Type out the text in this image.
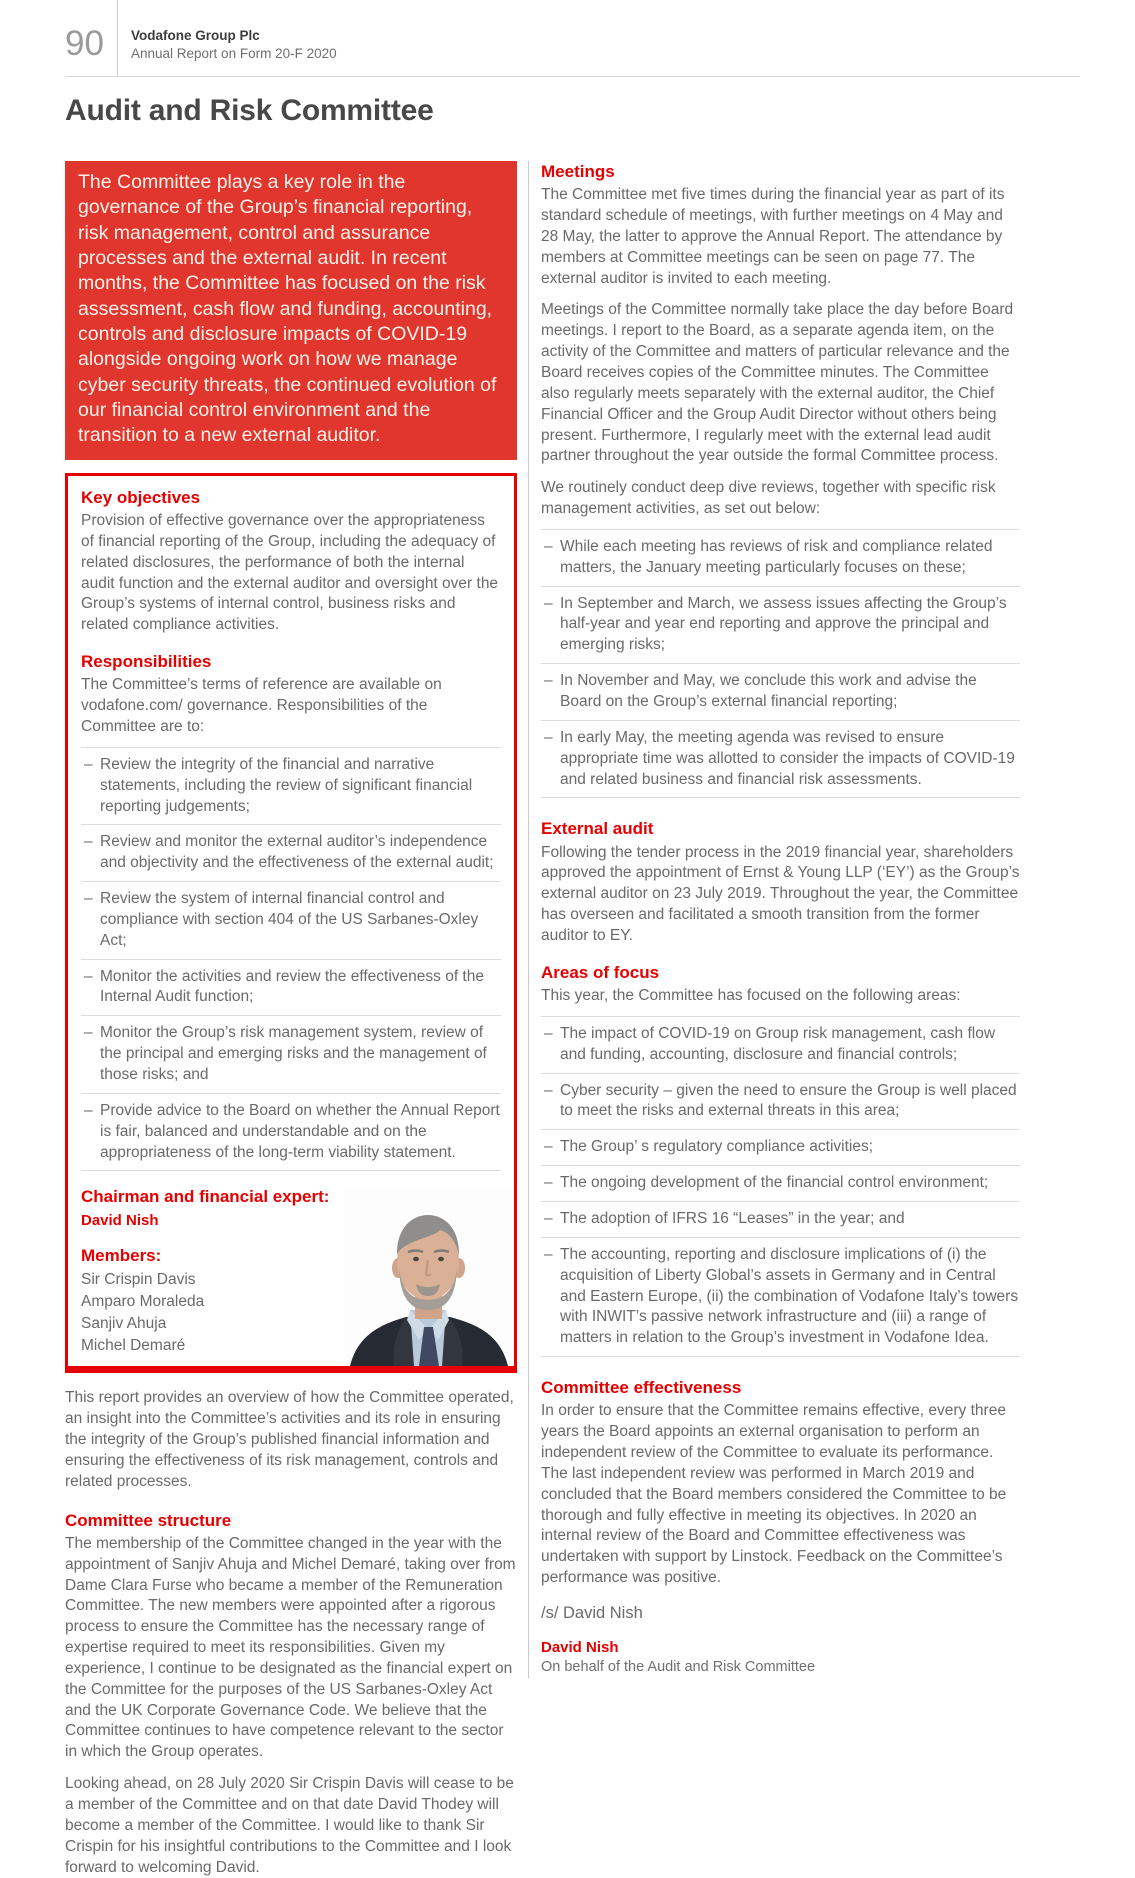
90	Vodafone Group Plc
Annual Report on Form 20-F 2020
Audit and Risk Committee

The Committee plays a key role in the governance of the Group’s financial reporting, risk management, control and assurance processes and the external audit. In recent months, the Committee has focused on the risk assessment, cash flow and funding, accounting, controls and disclosure impacts of COVID-19 alongside ongoing work on how we manage cyber security threats, the continued evolution of our financial control environment and the transition to a new external auditor.

Key objectives

Provision of effective governance over the appropriateness of financial reporting of the Group, including the adequacy of related disclosures, the performance of both the internal audit function and the external auditor and oversight over the Group’s systems of internal control, business risks and related compliance activities.

Responsibilities

The Committee’s terms of reference are available on vodafone.com/ governance. Responsibilities of the Committee are to:

– Review the integrity of the financial and narrative statements, including the review of significant financial reporting judgements;
– Review and monitor the external auditor’s independence and objectivity and the effectiveness of the external audit;
– Review the system of internal financial control and compliance with section 404 of the US Sarbanes-Oxley Act;
– Monitor the activities and review the effectiveness of the Internal Audit function;
– Monitor the Group’s risk management system, review of the principal and emerging risks and the management of those risks; and
– Provide advice to the Board on whether the Annual Report is fair, balanced and understandable and on the appropriateness of the long-term viability statement.
Chairman and financial expert:
David Nish
Members:
Sir Crispin Davis
Amparo Moraleda
Sanjiv Ahuja
Michel Demaré

This report provides an overview of how the Committee operated, an insight into the Committee’s activities and its role in ensuring the integrity of the Group’s published financial information and ensuring the effectiveness of its risk management, controls and related processes.

Committee structure

The membership of the Committee changed in the year with the appointment of Sanjiv Ahuja and Michel Demaré, taking over from Dame Clara Furse who became a member of the Remuneration Committee. The new members were appointed after a rigorous process to ensure the Committee has the necessary range of expertise required to meet its responsibilities. Given my experience, I continue to be designated as the financial expert on the Committee for the purposes of the US Sarbanes-Oxley Act and the UK Corporate Governance Code. We believe that the Committee continues to have competence relevant to the sector in which the Group operates.

Looking ahead, on 28 July 2020 Sir Crispin Davis will cease to be a member of the Committee and on that date David Thodey will become a member of the Committee. I would like to thank Sir Crispin for his insightful contributions to the Committee and I look forward to welcoming David.

Meetings

The Committee met five times during the financial year as part of its standard schedule of meetings, with further meetings on 4 May and 28 May, the latter to approve the Annual Report. The attendance by members at Committee meetings can be seen on page 77. The external auditor is invited to each meeting.

Meetings of the Committee normally take place the day before Board meetings. I report to the Board, as a separate agenda item, on the activity of the Committee and matters of particular relevance and the Board receives copies of the Committee minutes. The Committee also regularly meets separately with the external auditor, the Chief Financial Officer and the Group Audit Director without others being present. Furthermore, I regularly meet with the external lead audit partner throughout the year outside the formal Committee process.

We routinely conduct deep dive reviews, together with specific risk management activities, as set out below:

– While each meeting has reviews of risk and compliance related matters, the January meeting particularly focuses on these;
– In September and March, we assess issues affecting the Group’s half-year and year end reporting and approve the principal and emerging risks;
– In November and May, we conclude this work and advise the Board on the Group’s external financial reporting;
– In early May, the meeting agenda was revised to ensure appropriate time was allotted to consider the impacts of COVID-19 and related business and financial risk assessments.
External audit

Following the tender process in the 2019 financial year, shareholders approved the appointment of Ernst & Young LLP (‘EY’) as the Group’s external auditor on 23 July 2019. Throughout the year, the Committee has overseen and facilitated a smooth transition from the former auditor to EY.

Areas of focus

This year, the Committee has focused on the following areas:

– The impact of COVID-19 on Group risk management, cash flow and funding, accounting, disclosure and financial controls;
– Cyber security – given the need to ensure the Group is well placed to meet the risks and external threats in this area;
– The Group’ s regulatory compliance activities;
– The ongoing development of the financial control environment;
– The adoption of IFRS 16 “Leases” in the year; and
– The accounting, reporting and disclosure implications of (i) the acquisition of Liberty Global’s assets in Germany and in Central and Eastern Europe, (ii) the combination of Vodafone Italy’s towers with INWIT’s passive network infrastructure and (iii) a range of matters in relation to the Group’s investment in Vodafone Idea.
Committee effectiveness

In order to ensure that the Committee remains effective, every three years the Board appoints an external organisation to perform an independent review of the Committee to evaluate its performance. The last independent review was performed in March 2019 and concluded that the Board members considered the Committee to be thorough and fully effective in meeting its objectives. In 2020 an internal review of the Board and Committee effectiveness was undertaken with support by Linstock. Feedback on the Committee’s performance was positive.

/s/ David Nish

David Nish
On behalf of the Audit and Risk Committee
